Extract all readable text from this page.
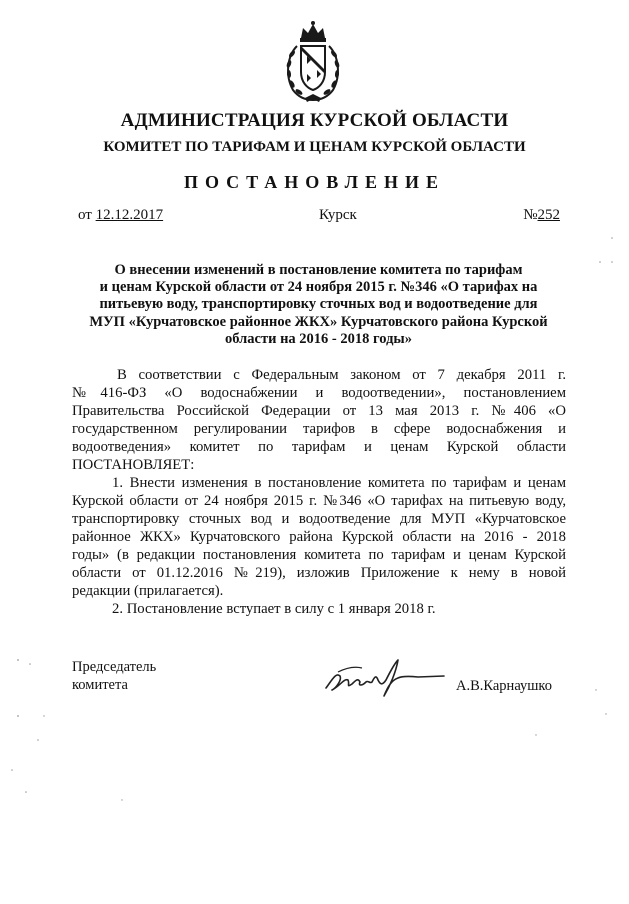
АДМИНИСТРАЦИЯ КУРСКОЙ ОБЛАСТИ
КОМИТЕТ ПО ТАРИФАМ И ЦЕНАМ КУРСКОЙ ОБЛАСТИ
ПОСТАНОВЛЕНИЕ
от 12.12.2017	Курск	№252
О внесении изменений в постановление комитета по тарифам
и ценам Курской области от 24 ноября 2015 г. №346 «О тарифах на
питьевую воду, транспортировку сточных вод и водоотведение для
МУП «Курчатовское районное ЖКХ» Курчатовского района Курской
области на 2016 - 2018 годы»
В соответствии с Федеральным законом от 7 декабря 2011 г.
№416-ФЗ «О водоснабжении и водоотведении», постановлением
Правительства Российской Федерации от 13 мая 2013 г. №406 «О
государственном регулировании тарифов в сфере водоснабжения и
водоотведения» комитет по тарифам и ценам Курской области
ПОСТАНОВЛЯЕТ:
1. Внести изменения в постановление комитета по тарифам и ценам
Курской области от 24 ноября 2015 г. №346 «О тарифах на питьевую воду,
транспортировку сточных вод и водоотведение для МУП «Курчатовское
районное ЖКХ» Курчатовского района Курской области на 2016 - 2018
годы» (в редакции постановления комитета по тарифам и ценам Курской
области от 01.12.2016 №219), изложив Приложение к нему в новой
редакции (прилагается).
2. Постановление вступает в силу с 1 января 2018 г.
Председатель
комитета	А.В.Карнаушко
